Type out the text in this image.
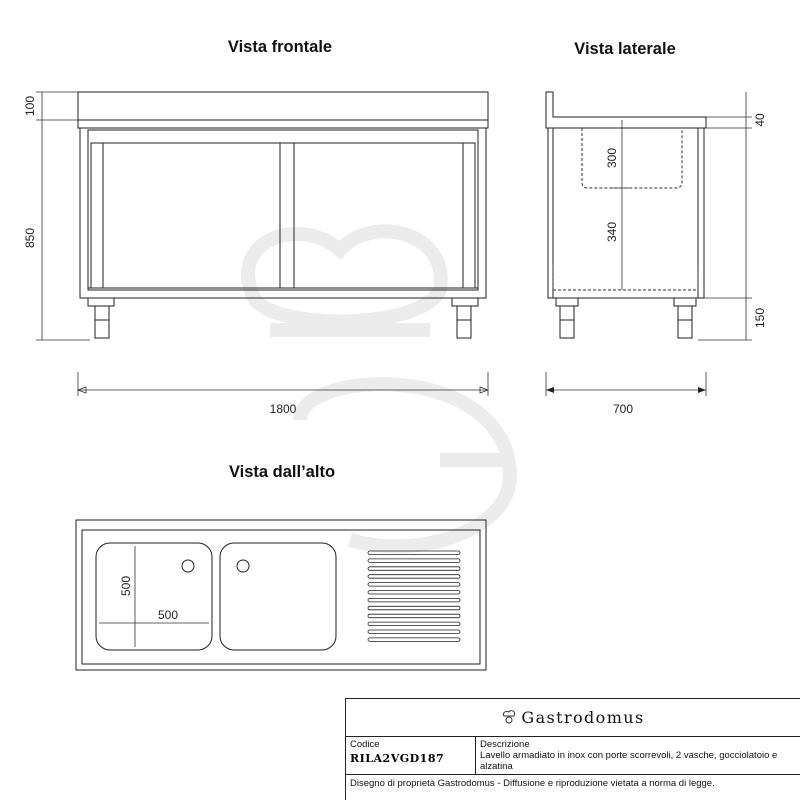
Vista frontale	Vista laterale
Vista dall’alto
100
850
1800
300
340
40
150
700
500
500
Gastrodomus
Codice
RILA2VGD187
Descrizione
Lavello armadiato in inox con porte scorrevoli, 2 vasche, gocciolatoio e alzatina
Disegno di proprietà Gastrodomus - Diffusione e riproduzione vietata a norma di legge.
